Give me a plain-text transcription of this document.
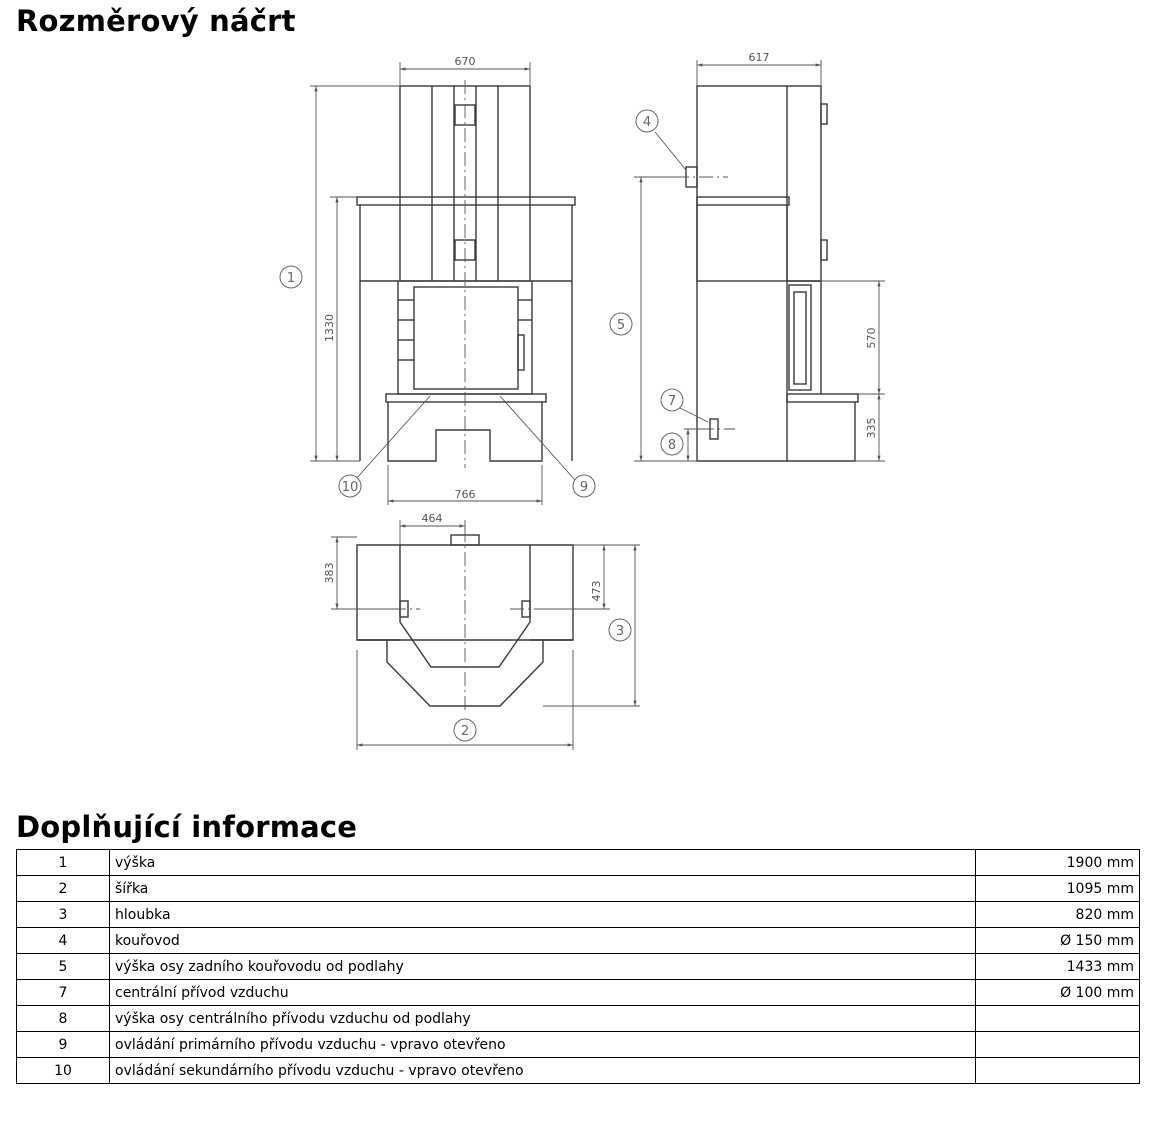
Rozměrový náčrt
670
1330
766
1
10	9
617
570
335
4
5
7
8
464
383
473
3
2
Doplňující informace
1	výška	1900 mm
2	šířka	1095 mm
3	hloubka	820 mm
4	kouřovod	Ø 150 mm
5	výška osy zadního kouřovodu od podlahy	1433 mm
7	centrální přívod vzduchu	Ø 100 mm
8	výška osy centrálního přívodu vzduchu od podlahy	
9	ovládání primárního přívodu vzduchu - vpravo otevřeno	
10	ovládání sekundárního přívodu vzduchu - vpravo otevřeno	
